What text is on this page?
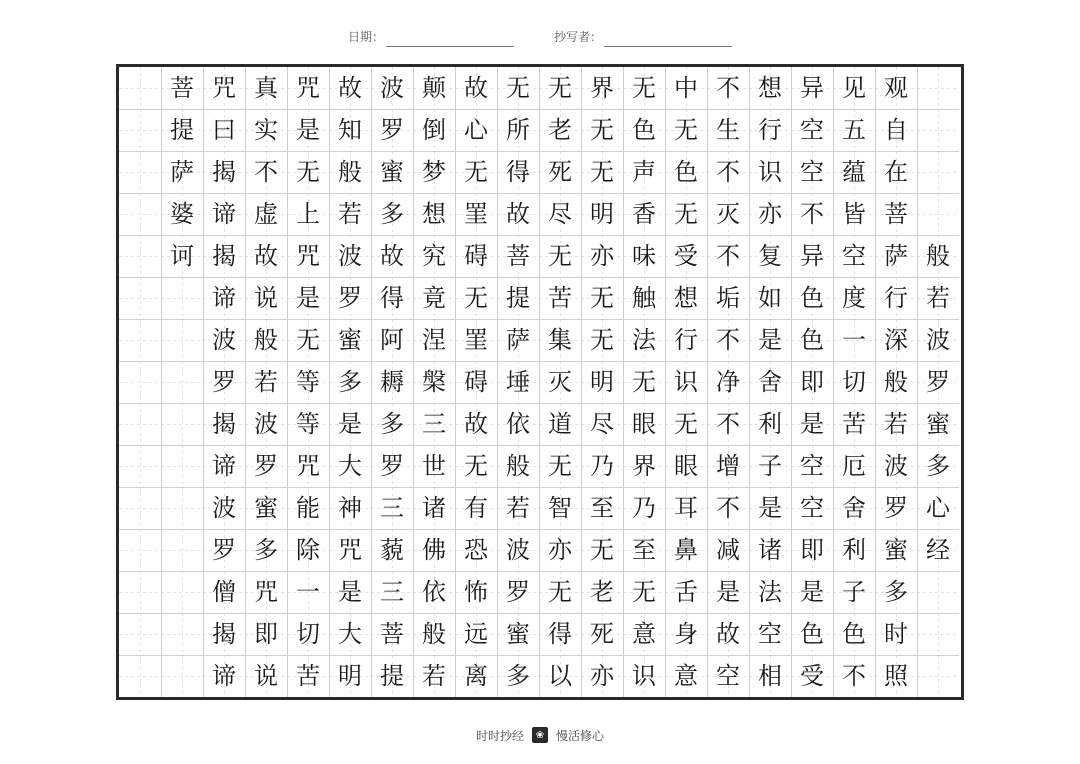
日期：	抄写者：
菩
提
萨
婆
诃
咒
曰
揭
谛
揭
谛
波
罗
揭
谛
波
罗
僧
揭
谛
真
实
不
虚
故
说
般
若
波
罗
蜜
多
咒
即
说
咒
是
无
上
咒
是
无
等
等
咒
能
除
一
切
苦
故
知
般
若
波
罗
蜜
多
是
大
神
咒
是
大
明
波
罗
蜜
多
故
得
阿
耨
多
罗
三
藐
三
菩
提
颠
倒
梦
想
究
竟
涅
槃
三
世
诸
佛
依
般
若
故
心
无
罣
碍
无
罣
碍
故
无
有
恐
怖
远
离
无
所
得
故
菩
提
萨
埵
依
般
若
波
罗
蜜
多
无
老
死
尽
无
苦
集
灭
道
无
智
亦
无
得
以
界
无
无
明
亦
无
无
明
尽
乃
至
无
老
死
亦
无
色
声
香
味
触
法
无
眼
界
乃
至
无
意
识
中
无
色
无
受
想
行
识
无
眼
耳
鼻
舌
身
意
不
生
不
灭
不
垢
不
净
不
增
不
减
是
故
空
想
行
识
亦
复
如
是
舍
利
子
是
诸
法
空
相
异
空
空
不
异
色
色
即
是
空
空
即
是
色
受
见
五
蕴
皆
空
度
一
切
苦
厄
舍
利
子
色
不
观
自
在
菩
萨
行
深
般
若
波
罗
蜜
多
时
照
般
若
波
罗
蜜
多
心
经
时时抄经	❀ 慢活修心
